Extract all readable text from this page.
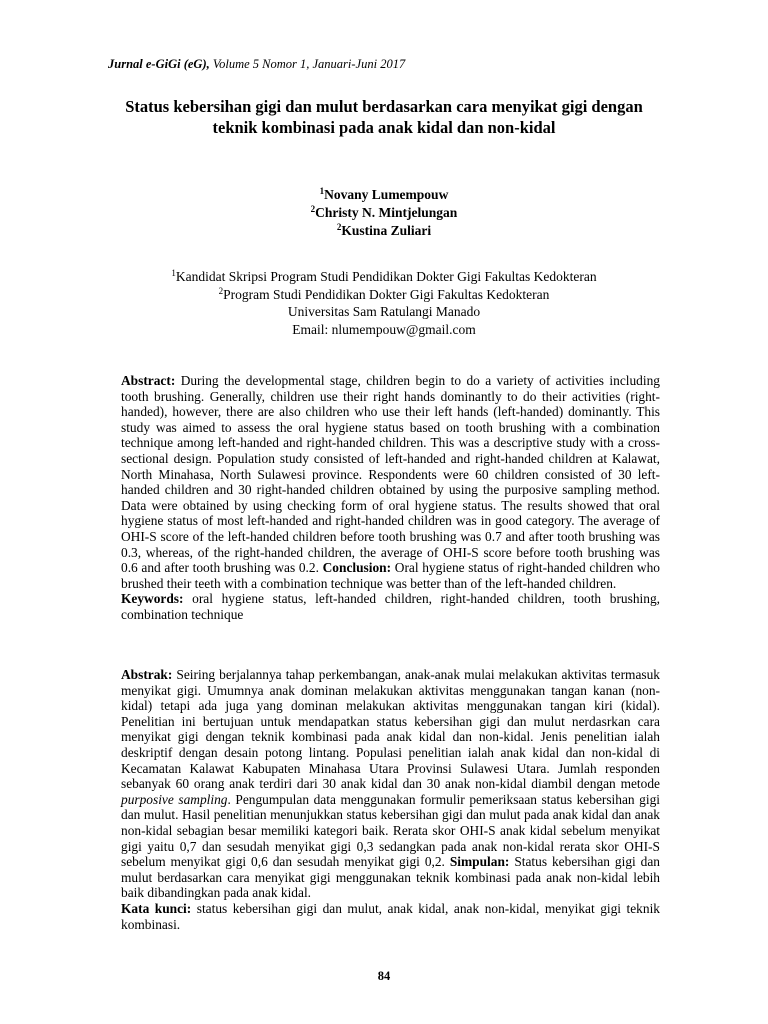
Jurnal e-GiGi (eG), Volume 5 Nomor 1, Januari-Juni 2017
Status kebersihan gigi dan mulut berdasarkan cara menyikat gigi dengan
teknik kombinasi pada anak kidal dan non-kidal
$^1$Novany Lumempouw
$^2$Christy N. Mintjelungan
$^2$Kustina Zuliari
$^1$Kandidat Skripsi Program Studi Pendidikan Dokter Gigi Fakultas Kedokteran
$^2$Program Studi Pendidikan Dokter Gigi Fakultas Kedokteran
Universitas Sam Ratulangi Manado
Email: nlumempouw@gmail.com

Abstract: During the developmental stage, children begin to do a variety of activities including tooth brushing. Generally, children use their right hands dominantly to do their activities (right-handed), however, there are also children who use their left hands (left-handed) dominantly. This study was aimed to assess the oral hygiene status based on tooth brushing with a combination technique among left-handed and right-handed children. This was a descriptive study with a cross-sectional design. Population study consisted of left-handed and right-handed children at Kalawat, North Minahasa, North Sulawesi province. Respondents were 60 children consisted of 30 left-handed children and 30 right-handed children obtained by using the purposive sampling method. Data were obtained by using checking form of oral hygiene status. The results showed that oral hygiene status of most left-handed and right-handed children was in good category. The average of OHI-S score of the left-handed children before tooth brushing was 0.7 and after tooth brushing was 0.3, whereas, of the right-handed children, the average of OHI-S score before tooth brushing was 0.6 and after tooth brushing was 0.2. Conclusion: Oral hygiene status of right-handed children who brushed their teeth with a combination technique was better than of the left-handed children.

Keywords: oral hygiene status, left-handed children, right-handed children, tooth brushing, combination technique

Abstrak: Seiring berjalannya tahap perkembangan, anak-anak mulai melakukan aktivitas termasuk menyikat gigi. Umumnya anak dominan melakukan aktivitas menggunakan tangan kanan (non-kidal) tetapi ada juga yang dominan melakukan aktivitas menggunakan tangan kiri (kidal). Penelitian ini bertujuan untuk mendapatkan status kebersihan gigi dan mulut nerdasrkan cara menyikat gigi dengan teknik kombinasi pada anak kidal dan non-kidal. Jenis penelitian ialah deskriptif dengan desain potong lintang. Populasi penelitian ialah anak kidal dan non-kidal di Kecamatan Kalawat Kabupaten Minahasa Utara Provinsi Sulawesi Utara. Jumlah responden sebanyak 60 orang anak terdiri dari 30 anak kidal dan 30 anak non-kidal diambil dengan metode purposive sampling. Pengumpulan data menggunakan formulir pemeriksaan status kebersihan gigi dan mulut. Hasil penelitian menunjukkan status kebersihan gigi dan mulut pada anak kidal dan anak non-kidal sebagian besar memiliki kategori baik. Rerata skor OHI-S anak kidal sebelum menyikat gigi yaitu 0,7 dan sesudah menyikat gigi 0,3 sedangkan pada anak non-kidal rerata skor OHI-S sebelum menyikat gigi 0,6 dan sesudah menyikat gigi 0,2. Simpulan: Status kebersihan gigi dan mulut berdasarkan cara menyikat gigi menggunakan teknik kombinasi pada anak non-kidal lebih baik dibandingkan pada anak kidal.

Kata kunci: status kebersihan gigi dan mulut, anak kidal, anak non-kidal, menyikat gigi teknik kombinasi.

84
